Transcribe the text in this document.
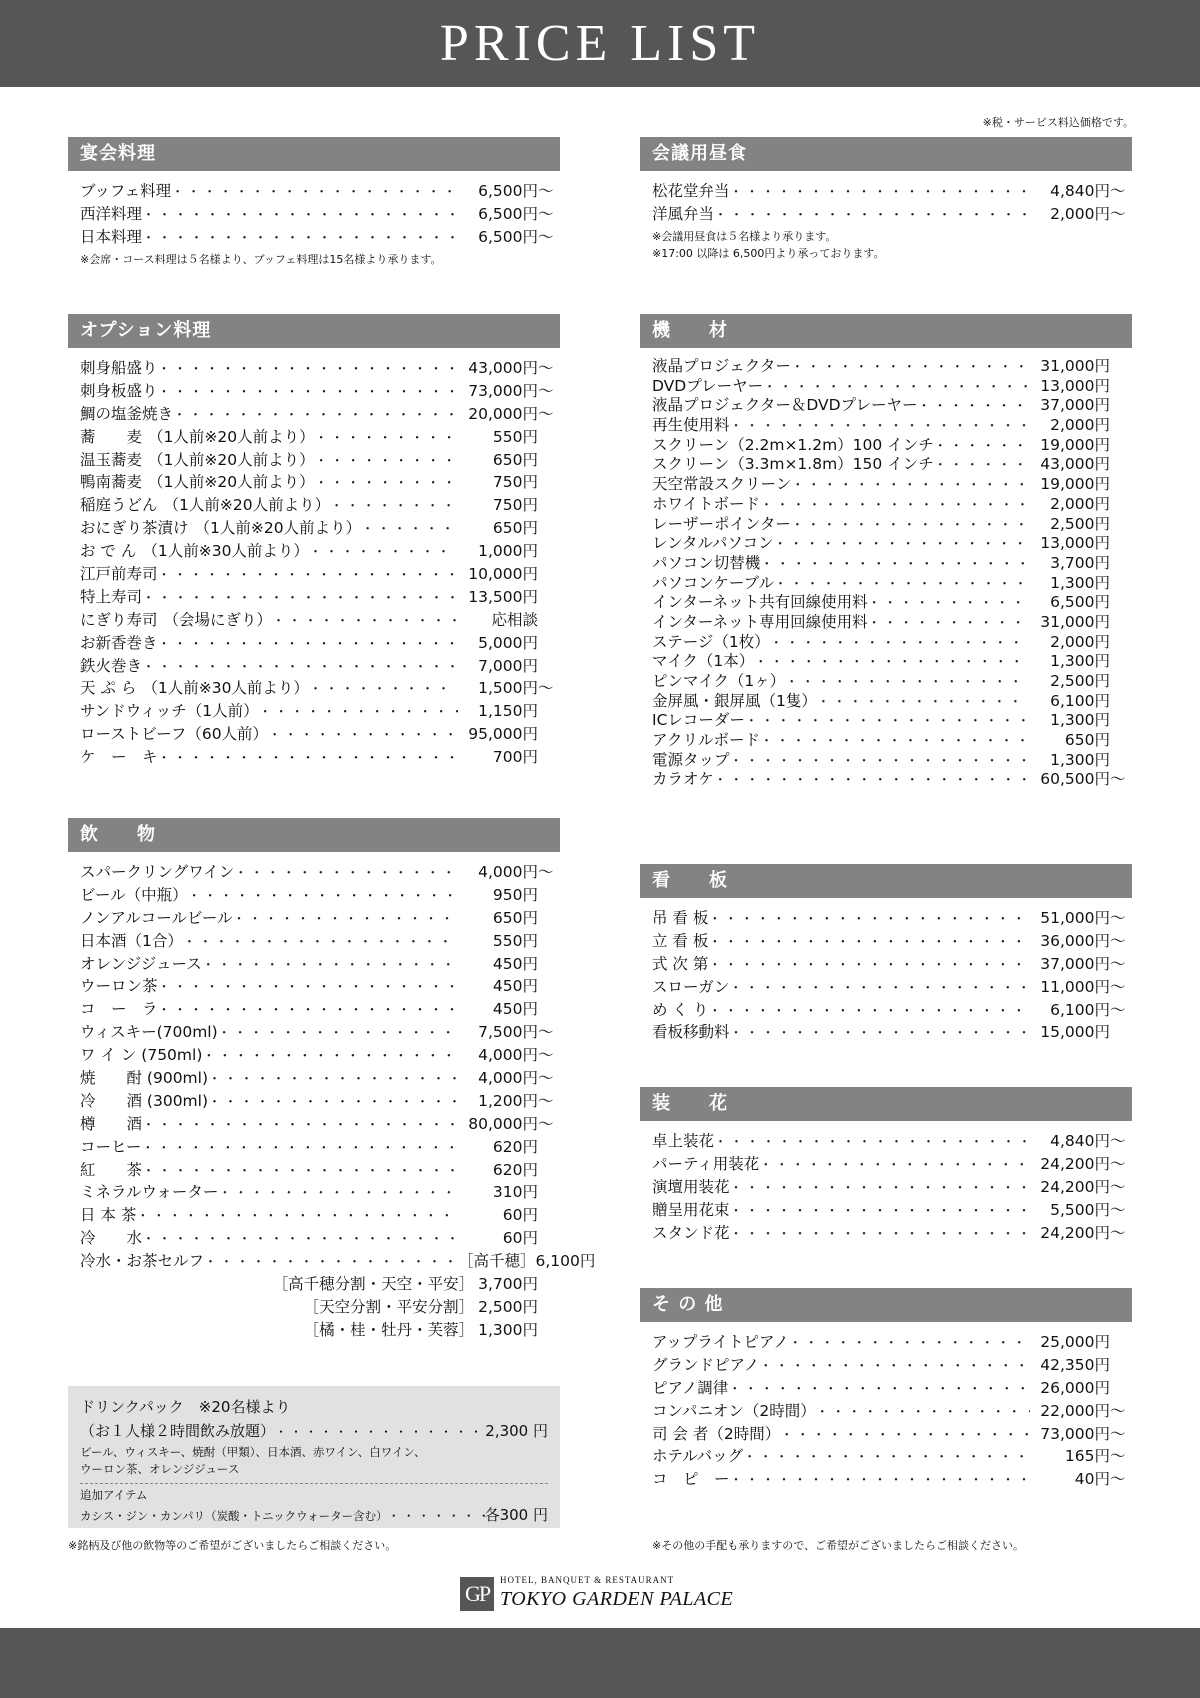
PRICE LIST
※税・サービス料込価格です。
宴会料理
ブッフェ料理 ・・・・・・・・・・・・・・・・・・・・・・・・・・・・・・・・・・・・・・・・	6,500 円 〜
西洋料理 ・・・・・・・・・・・・・・・・・・・・・・・・・・・・・・・・・・・・・・・・	6,500 円 〜
日本料理 ・・・・・・・・・・・・・・・・・・・・・・・・・・・・・・・・・・・・・・・・	6,500 円 〜
※会席・コース料理は５名様より、ブッフェ料理は15名様より承ります。
オプション料理
刺身船盛り ・・・・・・・・・・・・・・・・・・・・・・・・・・・・・・・・・・・・・・・・	43,000円 〜
刺身板盛り ・・・・・・・・・・・・・・・・・・・・・・・・・・・・・・・・・・・・・・・・	73,000円 〜
鯛の塩釜焼き ・・・・・・・・・・・・・・・・・・・・・・・・・・・・・・・・・・・・・・・・	20,000円 〜
蕎　　麦 （1人前※20人前より） ・・・・・・・・・・・・・・・・・・・・・・・・・・・・・・・・・・・・・・・・	550円
温玉蕎麦 （1人前※20人前より） ・・・・・・・・・・・・・・・・・・・・・・・・・・・・・・・・・・・・・・・・	650円
鴨南蕎麦 （1人前※20人前より） ・・・・・・・・・・・・・・・・・・・・・・・・・・・・・・・・・・・・・・・・	750円
稲庭うどん （1人前※20人前より） ・・・・・・・・・・・・・・・・・・・・・・・・・・・・・・・・・・・・・・・・	750円
おにぎり茶漬け （1人前※20人前より） ・・・・・・・・・・・・・・・・・・・・・・・・・・・・・・・・・・・・・・・・	650円
お で ん （1人前※30人前より） ・・・・・・・・・・・・・・・・・・・・・・・・・・・・・・・・・・・・・・・・	1,000円
江戸前寿司 ・・・・・・・・・・・・・・・・・・・・・・・・・・・・・・・・・・・・・・・・	10,000円
特上寿司 ・・・・・・・・・・・・・・・・・・・・・・・・・・・・・・・・・・・・・・・・	13,500円
にぎり寿司 （会場にぎり） ・・・・・・・・・・・・・・・・・・・・・・・・・・・・・・・・・・・・・・・・	応相談
お新香巻き ・・・・・・・・・・・・・・・・・・・・・・・・・・・・・・・・・・・・・・・・	5,000円
鉄火巻き ・・・・・・・・・・・・・・・・・・・・・・・・・・・・・・・・・・・・・・・・	7,000円
天 ぷ ら （1人前※30人前より） ・・・・・・・・・・・・・・・・・・・・・・・・・・・・・・・・・・・・・・・・	1,500円 〜
サンドウィッチ（1人前） ・・・・・・・・・・・・・・・・・・・・・・・・・・・・・・・・・・・・・・・・	1,150円
ローストビーフ（60人前） ・・・・・・・・・・・・・・・・・・・・・・・・・・・・・・・・・・・・・・・・	95,000円
ケ　ー　キ ・・・・・・・・・・・・・・・・・・・・・・・・・・・・・・・・・・・・・・・・	700円
飲　　物
スパークリングワイン ・・・・・・・・・・・・・・・・・・・・・・・・・・・・・・・・・・・・・・・・	4,000円 〜
ビール（中瓶） ・・・・・・・・・・・・・・・・・・・・・・・・・・・・・・・・・・・・・・・・	950円
ノンアルコールビール ・・・・・・・・・・・・・・・・・・・・・・・・・・・・・・・・・・・・・・・・	650円
日本酒（1合） ・・・・・・・・・・・・・・・・・・・・・・・・・・・・・・・・・・・・・・・・	550円
オレンジジュース ・・・・・・・・・・・・・・・・・・・・・・・・・・・・・・・・・・・・・・・・	450円
ウーロン茶 ・・・・・・・・・・・・・・・・・・・・・・・・・・・・・・・・・・・・・・・・	450円
コ　ー　ラ ・・・・・・・・・・・・・・・・・・・・・・・・・・・・・・・・・・・・・・・・	450円
ウィスキー(700ml) ・・・・・・・・・・・・・・・・・・・・・・・・・・・・・・・・・・・・・・・・	7,500円 〜
ワ イ ン (750ml) ・・・・・・・・・・・・・・・・・・・・・・・・・・・・・・・・・・・・・・・・	4,000円 〜
焼　　酎 (900ml) ・・・・・・・・・・・・・・・・・・・・・・・・・・・・・・・・・・・・・・・・	4,000円 〜
冷　　酒 (300ml) ・・・・・・・・・・・・・・・・・・・・・・・・・・・・・・・・・・・・・・・・	1,200円 〜
樽　　酒 ・・・・・・・・・・・・・・・・・・・・・・・・・・・・・・・・・・・・・・・・	80,000円 〜
コーヒー ・・・・・・・・・・・・・・・・・・・・・・・・・・・・・・・・・・・・・・・・	620円
紅　　茶 ・・・・・・・・・・・・・・・・・・・・・・・・・・・・・・・・・・・・・・・・	620円
ミネラルウォーター ・・・・・・・・・・・・・・・・・・・・・・・・・・・・・・・・・・・・・・・・	310円
日 本 茶 ・・・・・・・・・・・・・・・・・・・・・・・・・・・・・・・・・・・・・・・・	60円
冷　　水 ・・・・・・・・・・・・・・・・・・・・・・・・・・・・・・・・・・・・・・・・	60円
冷水・お茶セルフ ・・・・・・・・・・・・・・・・・・・・・・・・・・・・・・・・・・・・・・・・	［高千穂］6,100円
［高千穂分割・天空・平安］ 3,700円
［天空分割・平安分割］ 2,500円
［橘・桂・牡丹・芙蓉］ 1,300円
ドリンクパック　※20名様より
（お１人様２時間飲み放題） ・・・・・・・・・・・・・・・・・・・・・・・・・・・・・・・・・・・・	2,300 円
ビール、ウィスキー、焼酎（甲類）、日本酒、赤ワイン、白ワイン、
ウーロン茶、オレンジジュース
追加アイテム
カシス・ジン・カンパリ（炭酸・トニックウォーター含む） ・・・・・・・・・・・・・・・・・・・・・・・・・・・・・・・・・・・・	各300 円
※銘柄及び他の飲物等のご希望がございましたらご相談ください。
会議用昼食
松花堂弁当 ・・・・・・・・・・・・・・・・・・・・・・・・・・・・・・・・・・・・・・・・	4,840円 〜
洋風弁当 ・・・・・・・・・・・・・・・・・・・・・・・・・・・・・・・・・・・・・・・・	2,000円 〜
※会議用昼食は５名様より承ります。
※17:00 以降は 6,500円より承っております。
機　　材
液晶プロジェクター ・・・・・・・・・・・・・・・・・・・・・・・・・・・・・・・・・・・・・・・・	31,000円
DVDプレーヤー ・・・・・・・・・・・・・・・・・・・・・・・・・・・・・・・・・・・・・・・・	13,000円
液晶プロジェクター＆DVDプレーヤー ・・・・・・・・・・・・・・・・・・・・・・・・・・・・・・・・・・・・・・・・	37,000円
再生使用料 ・・・・・・・・・・・・・・・・・・・・・・・・・・・・・・・・・・・・・・・・	2,000円
スクリーン（2.2m×1.2m）100 インチ ・・・・・・・・・・・・・・・・・・・・・・・・・・・・・・・・・・・・・・・・	19,000円
スクリーン（3.3m×1.8m）150 インチ ・・・・・・・・・・・・・・・・・・・・・・・・・・・・・・・・・・・・・・・・	43,000円
天空常設スクリーン ・・・・・・・・・・・・・・・・・・・・・・・・・・・・・・・・・・・・・・・・	19,000円
ホワイトボード ・・・・・・・・・・・・・・・・・・・・・・・・・・・・・・・・・・・・・・・・	2,000円
レーザーポインター ・・・・・・・・・・・・・・・・・・・・・・・・・・・・・・・・・・・・・・・・	2,500円
レンタルパソコン ・・・・・・・・・・・・・・・・・・・・・・・・・・・・・・・・・・・・・・・・	13,000円
パソコン切替機 ・・・・・・・・・・・・・・・・・・・・・・・・・・・・・・・・・・・・・・・・	3,700円
パソコンケーブル ・・・・・・・・・・・・・・・・・・・・・・・・・・・・・・・・・・・・・・・・	1,300円
インターネット共有回線使用料 ・・・・・・・・・・・・・・・・・・・・・・・・・・・・・・・・・・・・・・・・	6,500円
インターネット専用回線使用料 ・・・・・・・・・・・・・・・・・・・・・・・・・・・・・・・・・・・・・・・・	31,000円
ステージ（1枚） ・・・・・・・・・・・・・・・・・・・・・・・・・・・・・・・・・・・・・・・・	2,000円
マイク（1本） ・・・・・・・・・・・・・・・・・・・・・・・・・・・・・・・・・・・・・・・・	1,300円
ピンマイク（1ヶ） ・・・・・・・・・・・・・・・・・・・・・・・・・・・・・・・・・・・・・・・・	2,500円
金屏風・銀屏風（1隻） ・・・・・・・・・・・・・・・・・・・・・・・・・・・・・・・・・・・・・・・・	6,100円
ICレコーダー ・・・・・・・・・・・・・・・・・・・・・・・・・・・・・・・・・・・・・・・・	1,300円
アクリルボード ・・・・・・・・・・・・・・・・・・・・・・・・・・・・・・・・・・・・・・・・	650円
電源タップ ・・・・・・・・・・・・・・・・・・・・・・・・・・・・・・・・・・・・・・・・	1,300円
カラオケ ・・・・・・・・・・・・・・・・・・・・・・・・・・・・・・・・・・・・・・・・	60,500円 〜
看　　板
吊 看 板 ・・・・・・・・・・・・・・・・・・・・・・・・・・・・・・・・・・・・・・・・	51,000円 〜
立 看 板 ・・・・・・・・・・・・・・・・・・・・・・・・・・・・・・・・・・・・・・・・	36,000円 〜
式 次 第 ・・・・・・・・・・・・・・・・・・・・・・・・・・・・・・・・・・・・・・・・	37,000円 〜
スローガン ・・・・・・・・・・・・・・・・・・・・・・・・・・・・・・・・・・・・・・・・	11,000円 〜
め く り ・・・・・・・・・・・・・・・・・・・・・・・・・・・・・・・・・・・・・・・・	6,100円 〜
看板移動料 ・・・・・・・・・・・・・・・・・・・・・・・・・・・・・・・・・・・・・・・・	15,000円
装　　花
卓上装花 ・・・・・・・・・・・・・・・・・・・・・・・・・・・・・・・・・・・・・・・・	4,840円 〜
パーティ用装花 ・・・・・・・・・・・・・・・・・・・・・・・・・・・・・・・・・・・・・・・・	24,200円 〜
演壇用装花 ・・・・・・・・・・・・・・・・・・・・・・・・・・・・・・・・・・・・・・・・	24,200円 〜
贈呈用花束 ・・・・・・・・・・・・・・・・・・・・・・・・・・・・・・・・・・・・・・・・	5,500円 〜
スタンド花 ・・・・・・・・・・・・・・・・・・・・・・・・・・・・・・・・・・・・・・・・	24,200円 〜
そ の 他
アップライトピアノ ・・・・・・・・・・・・・・・・・・・・・・・・・・・・・・・・・・・・・・・・	25,000円
グランドピアノ ・・・・・・・・・・・・・・・・・・・・・・・・・・・・・・・・・・・・・・・・	42,350円
ピアノ調律 ・・・・・・・・・・・・・・・・・・・・・・・・・・・・・・・・・・・・・・・・	26,000円
コンパニオン（2時間） ・・・・・・・・・・・・・・・・・・・・・・・・・・・・・・・・・・・・・・・・	22,000円 〜
司 会 者（2時間） ・・・・・・・・・・・・・・・・・・・・・・・・・・・・・・・・・・・・・・・・	73,000円 〜
ホテルバッグ ・・・・・・・・・・・・・・・・・・・・・・・・・・・・・・・・・・・・・・・・	165円 〜
コ　ピ　ー ・・・・・・・・・・・・・・・・・・・・・・・・・・・・・・・・・・・・・・・・	40円 〜
※その他の手配も承りますので、ご希望がございましたらご相談ください。
GP
HOTEL, BANQUET & RESTAURANT
TOKYO GARDEN PALACE
